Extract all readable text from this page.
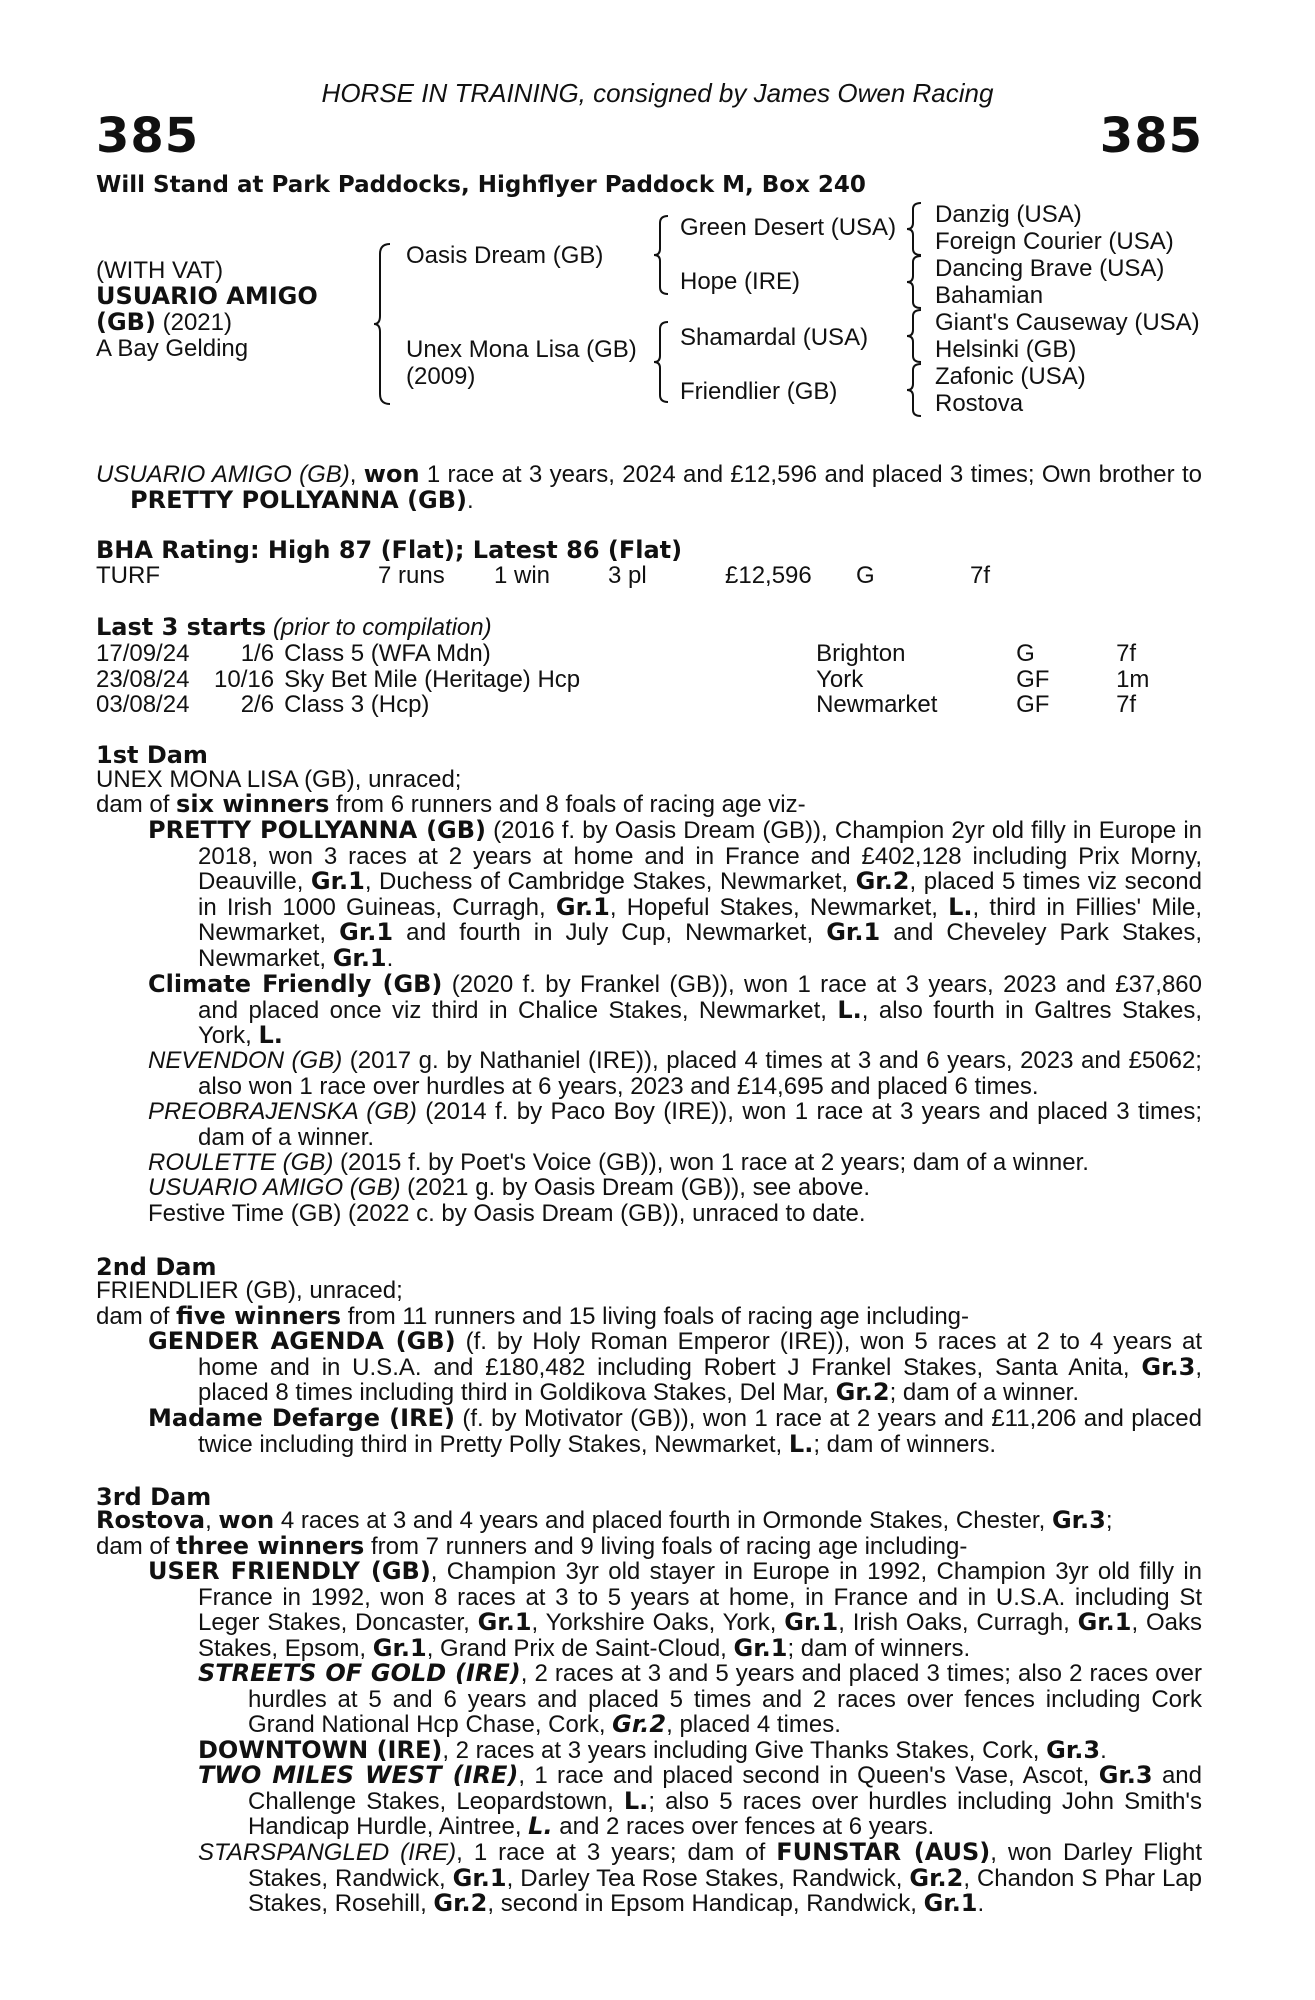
HORSE IN TRAINING, consigned by James Owen Racing
385	385
Will Stand at Park Paddocks, Highflyer Paddock M, Box 240
(WITH VAT)
USUARIO AMIGO
(GB) (2021)
A Bay Gelding
Oasis Dream (GB)
Unex Mona Lisa (GB)
(2009)
Green Desert (USA)
Hope (IRE)
Shamardal (USA)
Friendlier (GB)
Danzig (USA)
Foreign Courier (USA)
Dancing Brave (USA)
Bahamian
Giant's Causeway (USA)
Helsinki (GB)
Zafonic (USA)
Rostova
USUARIO AMIGO (GB), won 1 race at 3 years, 2024 and £12,596 and placed 3 times; Own brother to PRETTY POLLYANNA (GB).
BHA Rating: High 87 (Flat); Latest 86 (Flat)
TURF	7 runs 1 win 3 pl	£12,596 G	7f
Last 3 starts (prior to compilation)
17/09/24	1/6	Class 5 (WFA Mdn)	Brighton	G	7f
23/08/24	10/16	Sky Bet Mile (Heritage) Hcp	York	GF	1m
03/08/24	2/6	Class 3 (Hcp)	Newmarket	GF	7f
1st Dam
UNEX MONA LISA (GB), unraced;
dam of six winners from 6 runners and 8 foals of racing age viz-
PRETTY POLLYANNA (GB) (2016 f. by Oasis Dream (GB)), Champion 2yr old filly in Europe in 2018, won 3 races at 2 years at home and in France and £402,128 including Prix Morny, Deauville, Gr.1, Duchess of Cambridge Stakes, Newmarket, Gr.2, placed 5 times viz second in Irish 1000 Guineas, Curragh, Gr.1, Hopeful Stakes, Newmarket, L., third in Fillies' Mile, Newmarket, Gr.1 and fourth in July Cup, Newmarket, Gr.1 and Cheveley Park Stakes, Newmarket, Gr.1.
Climate Friendly (GB) (2020 f. by Frankel (GB)), won 1 race at 3 years, 2023 and £37,860 and placed once viz third in Chalice Stakes, Newmarket, L., also fourth in Galtres Stakes, York, L.
NEVENDON (GB) (2017 g. by Nathaniel (IRE)), placed 4 times at 3 and 6 years, 2023 and £5062; also won 1 race over hurdles at 6 years, 2023 and £14,695 and placed 6 times.
PREOBRAJENSKA (GB) (2014 f. by Paco Boy (IRE)), won 1 race at 3 years and placed 3 times; dam of a winner.
ROULETTE (GB) (2015 f. by Poet's Voice (GB)), won 1 race at 2 years; dam of a winner.
USUARIO AMIGO (GB) (2021 g. by Oasis Dream (GB)), see above.
Festive Time (GB) (2022 c. by Oasis Dream (GB)), unraced to date.
2nd Dam
FRIENDLIER (GB), unraced;
dam of five winners from 11 runners and 15 living foals of racing age including-
GENDER AGENDA (GB) (f. by Holy Roman Emperor (IRE)), won 5 races at 2 to 4 years at home and in U.S.A. and £180,482 including Robert J Frankel Stakes, Santa Anita, Gr.3, placed 8 times including third in Goldikova Stakes, Del Mar, Gr.2; dam of a winner.
Madame Defarge (IRE) (f. by Motivator (GB)), won 1 race at 2 years and £11,206 and placed twice including third in Pretty Polly Stakes, Newmarket, L.; dam of winners.
3rd Dam
Rostova, won 4 races at 3 and 4 years and placed fourth in Ormonde Stakes, Chester, Gr.3;
dam of three winners from 7 runners and 9 living foals of racing age including-
USER FRIENDLY (GB), Champion 3yr old stayer in Europe in 1992, Champion 3yr old filly in France in 1992, won 8 races at 3 to 5 years at home, in France and in U.S.A. including St Leger Stakes, Doncaster, Gr.1, Yorkshire Oaks, York, Gr.1, Irish Oaks, Curragh, Gr.1, Oaks Stakes, Epsom, Gr.1, Grand Prix de Saint-Cloud, Gr.1; dam of winners.
STREETS OF GOLD (IRE), 2 races at 3 and 5 years and placed 3 times; also 2 races over hurdles at 5 and 6 years and placed 5 times and 2 races over fences including Cork Grand National Hcp Chase, Cork, Gr.2, placed 4 times.
DOWNTOWN (IRE), 2 races at 3 years including Give Thanks Stakes, Cork, Gr.3.
TWO MILES WEST (IRE), 1 race and placed second in Queen's Vase, Ascot, Gr.3 and Challenge Stakes, Leopardstown, L.; also 5 races over hurdles including John Smith's Handicap Hurdle, Aintree, L. and 2 races over fences at 6 years.
STARSPANGLED (IRE), 1 race at 3 years; dam of FUNSTAR (AUS), won Darley Flight Stakes, Randwick, Gr.1, Darley Tea Rose Stakes, Randwick, Gr.2, Chandon S Phar Lap Stakes, Rosehill, Gr.2, second in Epsom Handicap, Randwick, Gr.1.
